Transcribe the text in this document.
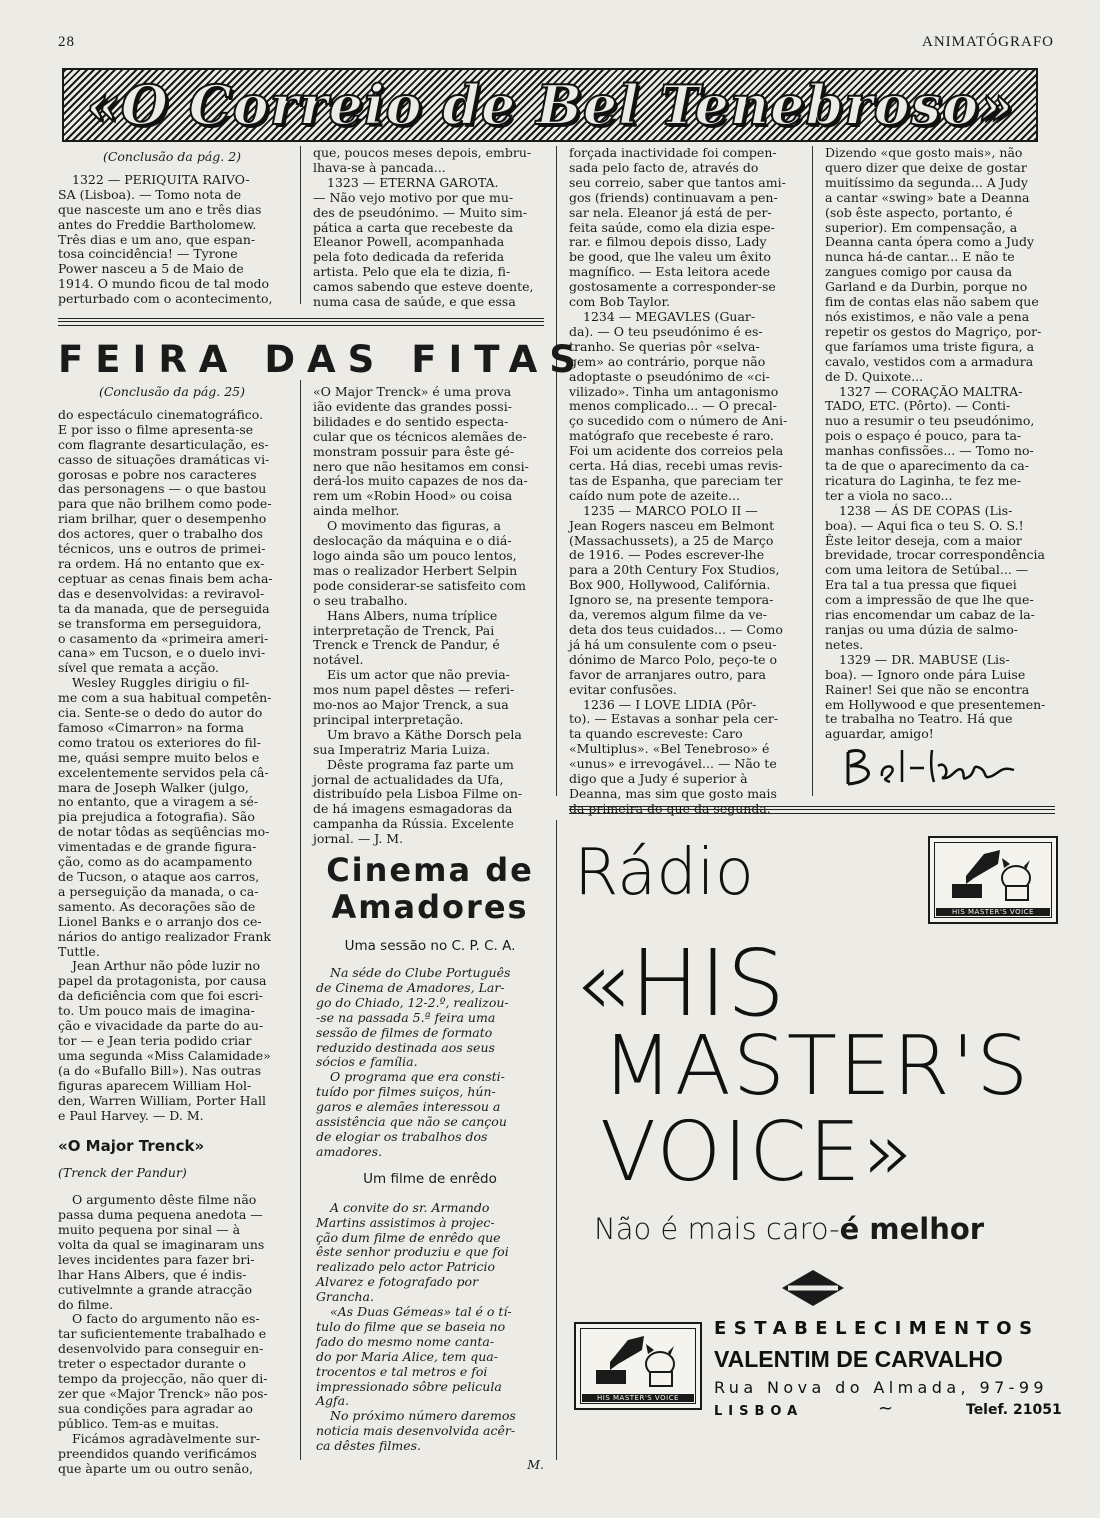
28	ANIMATÓGRAFO
«O Correio de Bel Tenebroso»

(Conclusão da pág. 2)

1322 — PERIQUITA RAIVO-
SA (Lisboa). — Tomo nota de
que nasceste um ano e três dias
antes do Freddie Bartholomew.
Três dias e um ano, que espan-
tosa coincidência! — Tyrone
Power nasceu a 5 de Maio de
1914. O mundo ficou de tal modo
perturbado com o acontecimento,

que, poucos meses depois, embru-
lhava-se à pancada...

1323 — ETERNA GAROTA.
— Não vejo motivo por que mu-
des de pseudónimo. — Muito sim-
pática a carta que recebeste da
Eleanor Powell, acompanhada
pela foto dedicada da referida
artista. Pelo que ela te dizia, fi-
camos sabendo que esteve doente,
numa casa de saúde, e que essa

forçada inactividade foi compen-
sada pelo facto de, através do
seu correio, saber que tantos ami-
gos (friends) continuavam a pen-
sar nela. Eleanor já está de per-
feita saúde, como ela dizia espe-
rar. e filmou depois disso, Lady
be good, que lhe valeu um êxito
magnífico. — Esta leitora acede
gostosamente a corresponder-se
com Bob Taylor.

1234 — MEGAVLES (Guar-
da). — O teu pseudónimo é es-
tranho. Se querias pôr «selva-
gem» ao contrário, porque não
adoptaste o pseudónimo de «ci-
vilizado». Tinha um antagonismo
menos complicado... — O precal-
ço sucedido com o número de Ani-
matógrafo que recebeste é raro.
Foi um acidente dos correios pela
certa. Há dias, recebi umas revis-
tas de Espanha, que pareciam ter
caído num pote de azeite...

1235 — MARCO POLO II —
Jean Rogers nasceu em Belmont
(Massachussets), a 25 de Março
de 1916. — Podes escrever-lhe
para a 20th Century Fox Studios,
Box 900, Hollywood, Califórnia.
Ignoro se, na presente tempora-
da, veremos algum filme da ve-
deta dos teus cuidados... — Como
já há um consulente com o pseu-
dónimo de Marco Polo, peço-te o
favor de arranjares outro, para
evitar confusões.

1236 — I LOVE LIDIA (Pôr-
to). — Estavas a sonhar pela cer-
ta quando escreveste: Caro
«Multiplus». «Bel Tenebroso» é
«unus» e irrevogável... — Não te
digo que a Judy é superior à
Deanna, mas sim que gosto mais
da primeira do que da segunda.

Dizendo «que gosto mais», não
quero dizer que deixe de gostar
muitíssimo da segunda... A Judy
a cantar «swing» bate a Deanna
(sob êste aspecto, portanto, é
superior). Em compensação, a
Deanna canta ópera como a Judy
nunca há-de cantar... E não te
zangues comigo por causa da
Garland e da Durbin, porque no
fim de contas elas não sabem que
nós existimos, e não vale a pena
repetir os gestos do Magriço, por-
que faríamos uma triste figura, a
cavalo, vestidos com a armadura
de D. Quixote...

1327 — CORAÇÃO MALTRA-
TADO, ETC. (Pôrto). — Conti-
nuo a resumir o teu pseudónimo,
pois o espaço é pouco, para ta-
manhas confissões... — Tomo no-
ta de que o aparecimento da ca-
ricatura do Laginha, te fez me-
ter a viola no saco...

1238 — ÁS DE COPAS (Lis-
boa). — Aqui fica o teu S. O. S.!
Êste leitor deseja, com a maior
brevidade, trocar correspondência
com uma leitora de Setúbal... —
Era tal a tua pressa que fiquei
com a impressão de que lhe que-
rias encomendar um cabaz de la-
ranjas ou uma dúzia de salmo-
netes.

1329 — DR. MABUSE (Lis-
boa). — Ignoro onde pára Luise
Rainer! Sei que não se encontra
em Hollywood e que presentemen-
te trabalha no Teatro. Há que
aguardar, amigo!

Bel-Tenebroso
FEIRA DAS FITAS

(Conclusão da pág. 25)

do espectáculo cinematográfico.
E por isso o filme apresenta-se
com flagrante desarticulação, es-
casso de situações dramáticas vi-
gorosas e pobre nos caracteres
das personagens — o que bastou
para que não brilhem como pode-
riam brilhar, quer o desempenho
dos actores, quer o trabalho dos
técnicos, uns e outros de primei-
ra ordem. Há no entanto que ex-
ceptuar as cenas finais bem acha-
das e desenvolvidas: a reviravol-
ta da manada, que de perseguida
se transforma em perseguidora,
o casamento da «primeira ameri-
cana» em Tucson, e o duelo invi-
sível que remata a acção.

Wesley Ruggles dirigiu o fil-
me com a sua habitual competên-
cia. Sente-se o dedo do autor do
famoso «Cimarron» na forma
como tratou os exteriores do fil-
me, quási sempre muito belos e
excelentemente servidos pela câ-
mara de Joseph Walker (julgo,
no entanto, que a viragem a sé-
pia prejudica a fotografia). São
de notar tôdas as seqüências mo-
vimentadas e de grande figura-
ção, como as do acampamento
de Tucson, o ataque aos carros,
a perseguição da manada, o ca-
samento. As decorações são de
Lionel Banks e o arranjo dos ce-
nários do antigo realizador Frank
Tuttle.

Jean Arthur não pôde luzir no
papel da protagonista, por causa
da deficiência com que foi escri-
to. Um pouco mais de imagina-
ção e vivacidade da parte do au-
tor — e Jean teria podido criar
uma segunda «Miss Calamidade»
(a do «Bufallo Bill»). Nas outras
figuras aparecem William Hol-
den, Warren William, Porter Hall
e Paul Harvey. — D. M.

«O Major Trenck»
(Trenck der Pandur)

O argumento dêste filme não
passa duma pequena anedota —
muito pequena por sinal — à
volta da qual se imaginaram uns
leves incidentes para fazer bri-
lhar Hans Albers, que é indis-
cutivelmnte a grande atracção
do filme.

O facto do argumento não es-
tar suficientemente trabalhado e
desenvolvido para conseguir en-
treter o espectador durante o
tempo da projecção, não quer di-
zer que «Major Trenck» não pos-
sua condições para agradar ao
público. Tem-as e muitas.

Ficámos agradàvelmente sur-
preendidos quando verificámos
que àparte um ou outro senão,

«O Major Trenck» é uma prova
ião evidente das grandes possi-
bilidades e do sentido especta-
cular que os técnicos alemães de-
monstram possuir para êste gé-
nero que não hesitamos em consi-
derá-los muito capazes de nos da-
rem um «Robin Hood» ou coisa
ainda melhor.

O movimento das figuras, a
deslocação da máquina e o diá-
logo ainda são um pouco lentos,
mas o realizador Herbert Selpin
pode considerar-se satisfeito com
o seu trabalho.

Hans Albers, numa tríplice
interpretação de Trenck, Pai
Trenck e Trenck de Pandur, é
notável.

Eis um actor que não previa-
mos num papel dêstes — referi-
mo-nos ao Major Trenck, a sua
principal interpretação.

Um bravo a Käthe Dorsch pela
sua Imperatriz Maria Luiza.

Dêste programa faz parte um
jornal de actualidades da Ufa,
distribuído pela Lisboa Filme on-
de há imagens esmagadoras da
campanha da Rússia. Excelente
jornal. — J. M.

Cinema de
Amadores
Uma sessão no C. P. C. A.

Na séde do Clube Português
de Cinema de Amadores, Lar-
go do Chiado, 12-2.º, realizou-
-se na passada 5.ª feira uma
sessão de filmes de formato
reduzido destinada aos seus
sócios e família.

O programa que era consti-
tuído por filmes suiços, hún-
garos e alemães interessou a
assistência que não se cançou
de elogiar os trabalhos dos
amadores.

Um filme de enrêdo

A convite do sr. Armando
Martins assistimos à projec-
ção dum filme de enrêdo que
êste senhor produziu e que foi
realizado pelo actor Patricio
Alvarez e fotografado por
Grancha.

«As Duas Gémeas» tal é o tí-
tulo do filme que se baseia no
fado do mesmo nome canta-
do por Maria Alice, tem qua-
trocentos e tal metros e foi
impressionado sôbre pelicula
Agfa.

No próximo número daremos
noticia mais desenvolvida acêr-
ca dêstes filmes.

M.
Rádio
HIS MASTER'S VOICE
«HIS
MASTER'S
VOICE»
Não é mais caro-é melhor
HIS MASTER'S VOICE
ESTABELECIMENTOS
VALENTIM DE CARVALHO
Rua Nova do Almada, 97-99
LISBOA	~	Telef. 21051
